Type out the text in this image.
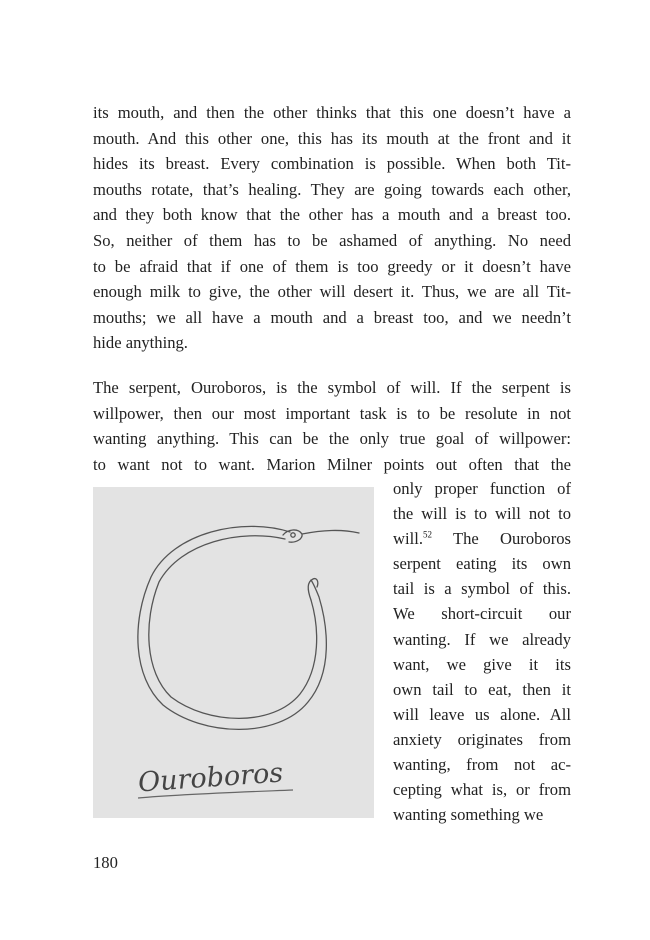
its mouth, and then the other thinks that this one doesn’t have a
mouth. And this other one, this has its mouth at the front and it
hides its breast. Every combination is possible. When both Tit-
mouths rotate, that’s healing. They are going towards each other,
and they both know that the other has a mouth and a breast too.
So, neither of them has to be ashamed of anything. No need
to be afraid that if one of them is too greedy or it doesn’t have
enough milk to give, the other will desert it. Thus, we are all Tit-
mouths; we all have a mouth and a breast too, and we needn’t
hide anything.

The serpent, Ouroboros, is the symbol of will. If the serpent is
willpower, then our most important task is to be resolute in not
wanting anything. This can be the only true goal of willpower:
to want not to want. Marion Milner points out often that the

Ouroboros

only proper function of
the will is to will not to
will.$^{52}$ The Ouroboros
serpent eating its own
tail is a symbol of this.
We short-circuit our
wanting. If we already
want, we give it its
own tail to eat, then it
will leave us alone. All
anxiety originates from
wanting, from not ac-
cepting what is, or from
wanting something we

180
